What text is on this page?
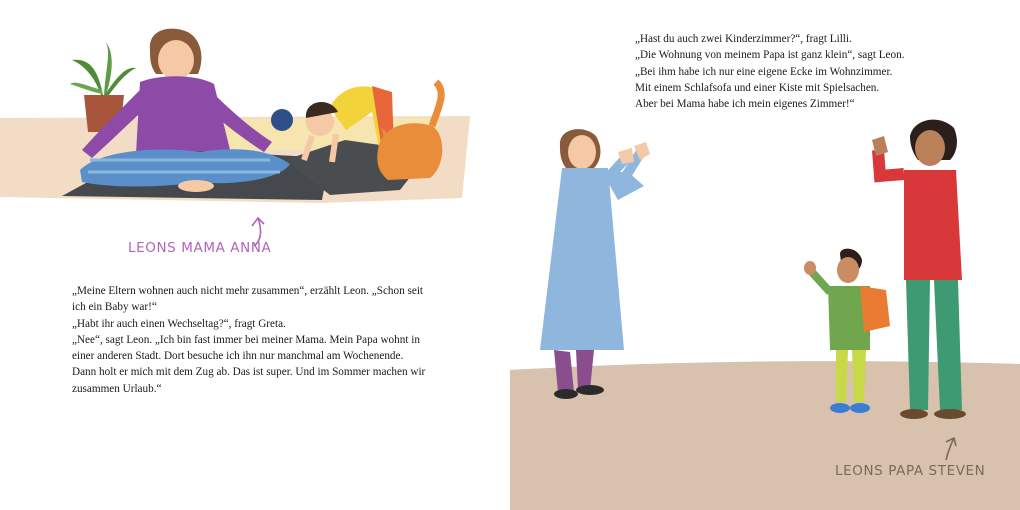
LEONS MAMA ANNA

„Meine Eltern wohnen auch nicht mehr zusammen“, erzählt Leon. „Schon seit

ich ein Baby war!“

„Habt ihr auch einen Wechseltag?“, fragt Greta.

„Nee“, sagt Leon. „Ich bin fast immer bei meiner Mama. Mein Papa wohnt in

einer anderen Stadt. Dort besuche ich ihn nur manchmal am Wochenende.

Dann holt er mich mit dem Zug ab. Das ist super. Und im Sommer machen wir

zusammen Urlaub.“

„Hast du auch zwei Kinderzimmer?“, fragt Lilli.

„Die Wohnung von meinem Papa ist ganz klein“, sagt Leon.

„Bei ihm habe ich nur eine eigene Ecke im Wohnzimmer.

Mit einem Schlafsofa und einer Kiste mit Spielsachen.

Aber bei Mama habe ich mein eigenes Zimmer!“

LEONS PAPA STEVEN
